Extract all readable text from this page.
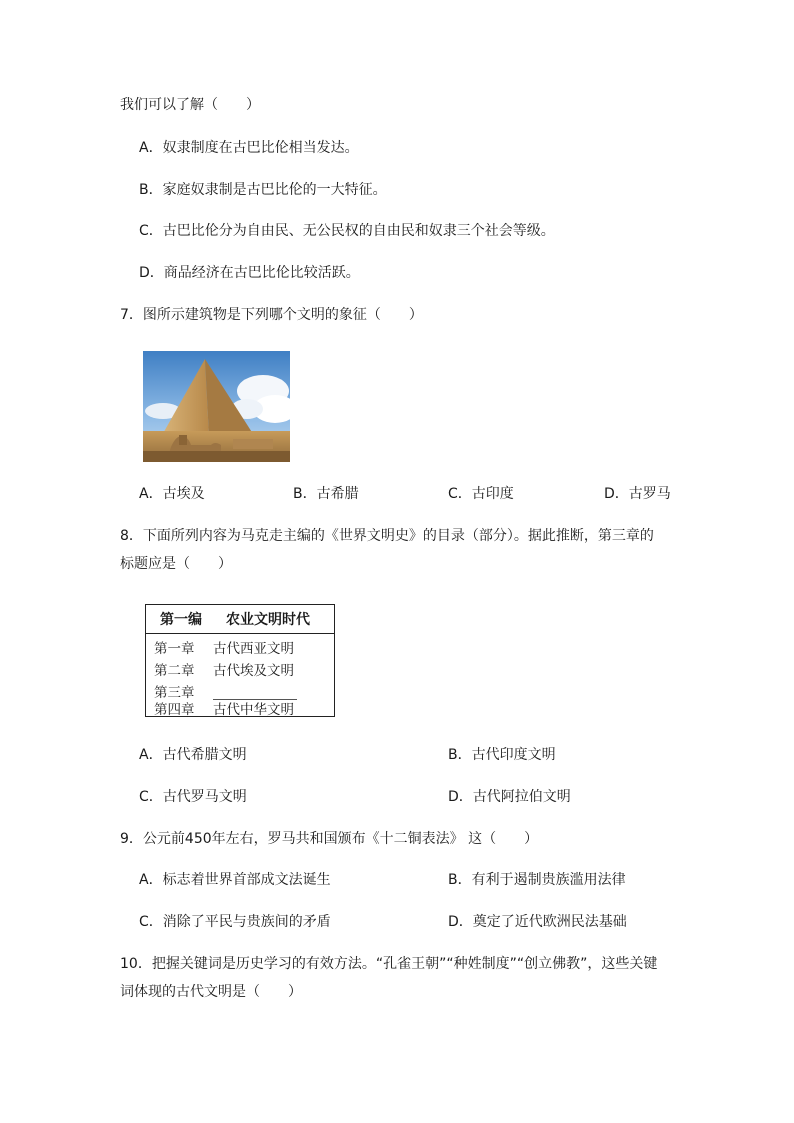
我们可以了解（　　）
A．奴隶制度在古巴比伦相当发达。
B．家庭奴隶制是古巴比伦的一大特征。
C．古巴比伦分为自由民、无公民权的自由民和奴隶三个社会等级。
D．商品经济在古巴比伦比较活跃。
7．图所示建筑物是下列哪个文明的象征（　　）
A．古埃及	B．古希腊	C．古印度	D．古罗马
8．下面所列内容为马克走主编的《世界文明史》的目录（部分）。据此推断，第三章的
标题应是（　　）
第一编 农业文明时代
第一章 古代西亚文明
第二章 古代埃及文明
第三章
第四章 古代中华文明
A．古代希腊文明	B．古代印度文明
C．古代罗马文明	D．古代阿拉伯文明
9．公元前450年左右，罗马共和国颁布《十二铜表法》 这（　　）
A．标志着世界首部成文法诞生	B．有利于遏制贵族滥用法律
C．消除了平民与贵族间的矛盾	D．奠定了近代欧洲民法基础
10．把握关键词是历史学习的有效方法。“孔雀王朝”“种姓制度”“创立佛教”，这些关键
词体现的古代文明是（　　）
